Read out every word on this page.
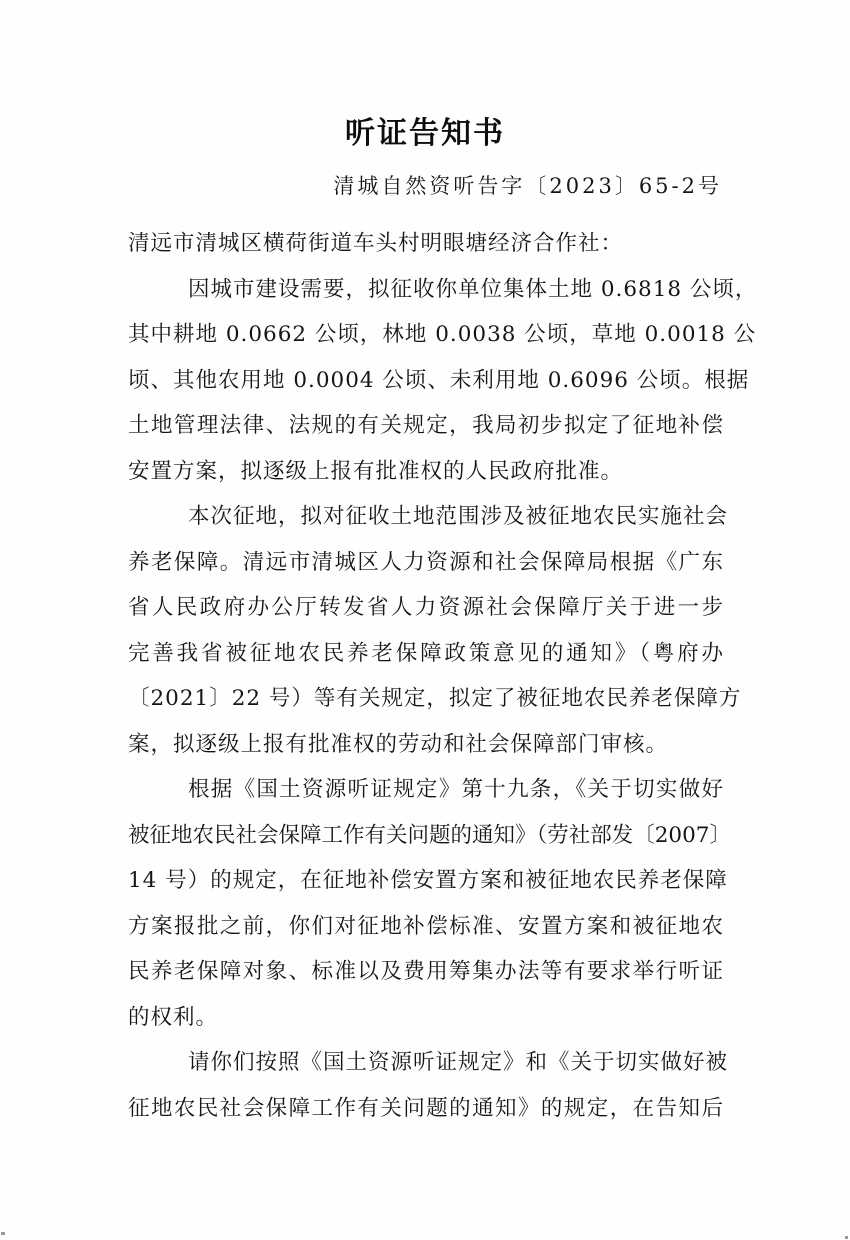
听证告知书
清城自然资听告字〔2023〕65-2号
清远市清城区横荷街道车头村明眼塘经济合作社：
因城市建设需要，拟征收你单位集体土地 0.6818 公顷，
其中耕地 0.0662 公顷，林地 0.0038 公顷，草地 0.0018 公
顷、其他农用地 0.0004 公顷、未利用地 0.6096 公顷。根据
土地管理法律、法规的有关规定，我局初步拟定了征地补偿
安置方案，拟逐级上报有批准权的人民政府批准。
本次征地，拟对征收土地范围涉及被征地农民实施社会
养老保障。清远市清城区人力资源和社会保障局根据《广东
省人民政府办公厅转发省人力资源社会保障厅关于进一步
完善我省被征地农民养老保障政策意见的通知》（粤府办
〔2021〕22 号）等有关规定，拟定了被征地农民养老保障方
案，拟逐级上报有批准权的劳动和社会保障部门审核。
根据《国土资源听证规定》第十九条，《关于切实做好
被征地农民社会保障工作有关问题的通知》（劳社部发〔2007〕
14 号）的规定，在征地补偿安置方案和被征地农民养老保障
方案报批之前，你们对征地补偿标准、安置方案和被征地农
民养老保障对象、标准以及费用筹集办法等有要求举行听证
的权利。
请你们按照《国土资源听证规定》和《关于切实做好被
征地农民社会保障工作有关问题的通知》的规定，在告知后
